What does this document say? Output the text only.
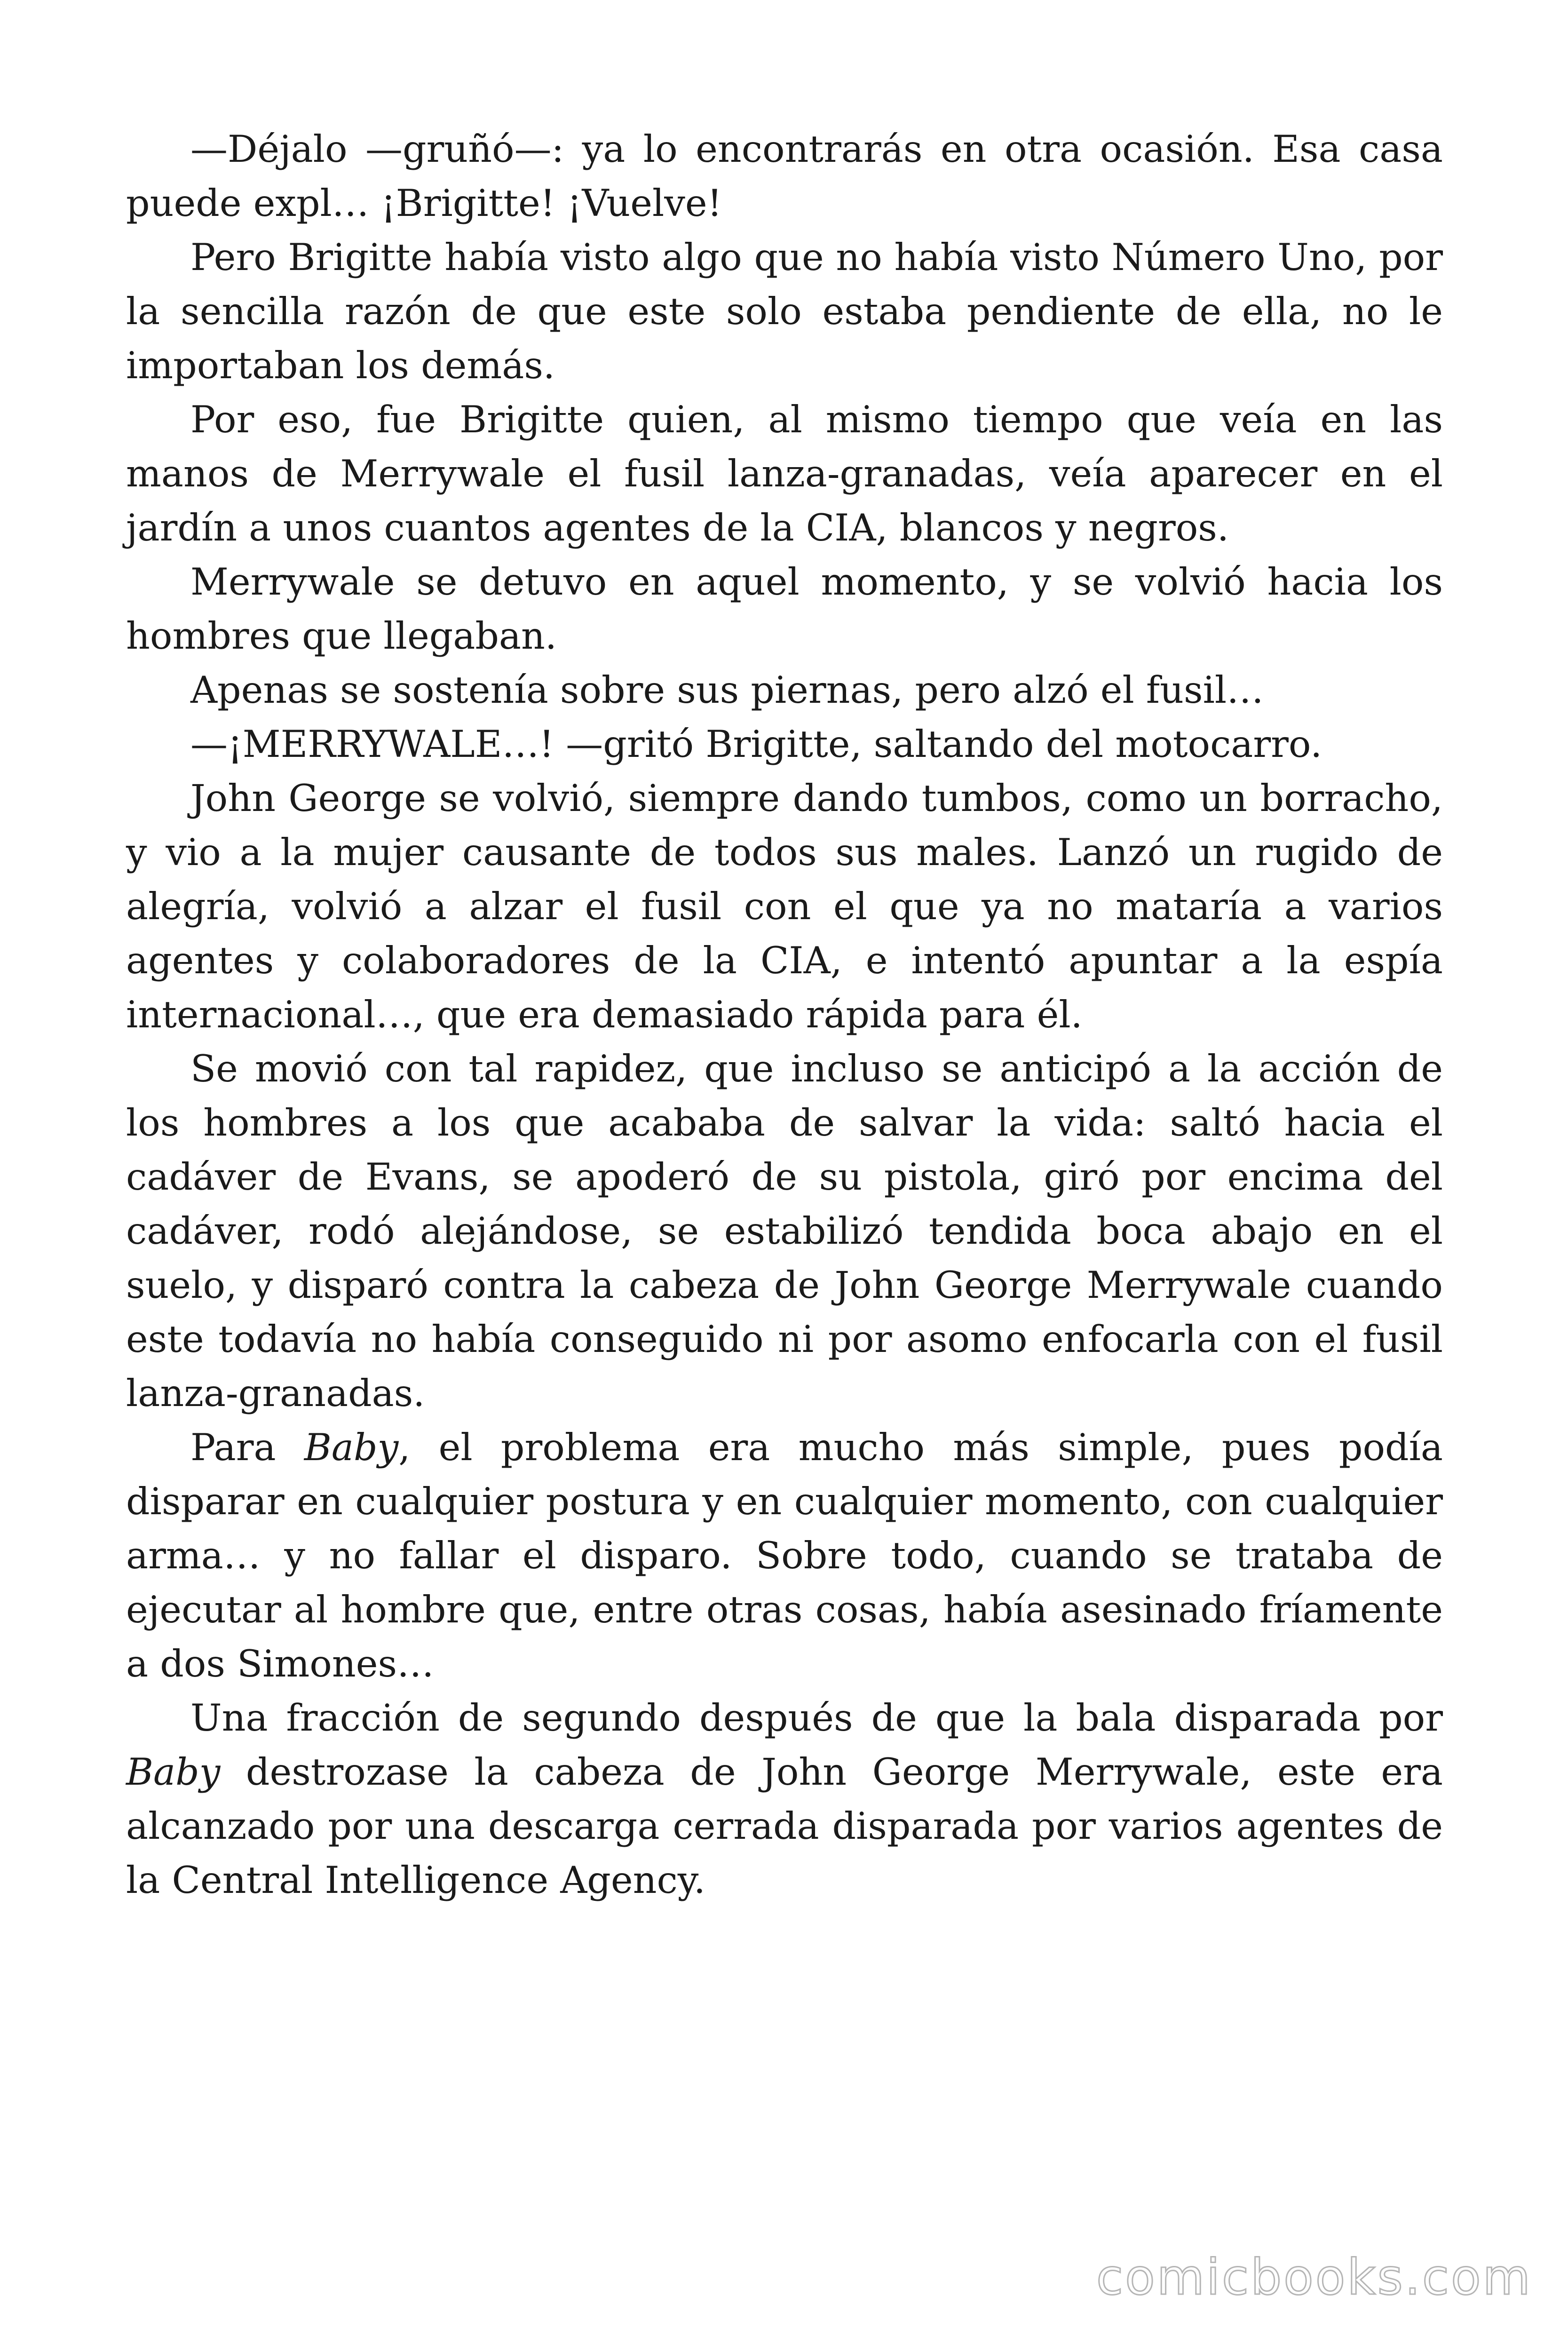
—Déjalo —gruñó—: ya lo encontrarás en otra ocasión. Esa casa puede expl… ¡Brigitte! ¡Vuelve!

Pero Brigitte había visto algo que no había visto Número Uno, por la sencilla razón de que este solo estaba pendiente de ella, no le importaban los demás.

Por eso, fue Brigitte quien, al mismo tiempo que veía en las manos de Merrywale el fusil lanza-granadas, veía aparecer en el jardín a unos cuantos agentes de la CIA, blancos y negros.

Merrywale se detuvo en aquel momento, y se volvió hacia los hombres que llegaban.

Apenas se sostenía sobre sus piernas, pero alzó el fusil…

—¡MERRYWALE…! —gritó Brigitte, saltando del motocarro.

John George se volvió, siempre dando tumbos, como un borracho, y vio a la mujer causante de todos sus males. Lanzó un rugido de alegría, volvió a alzar el fusil con el que ya no mataría a varios agentes y colaboradores de la CIA, e intentó apuntar a la espía internacional…, que era demasiado rápida para él.

Se movió con tal rapidez, que incluso se anticipó a la acción de los hombres a los que acababa de salvar la vida: saltó hacia el cadáver de Evans, se apoderó de su pistola, giró por encima del cadáver, rodó alejándose, se estabilizó tendida boca abajo en el suelo, y disparó contra la cabeza de John George Merrywale cuando este todavía no había conseguido ni por asomo enfocarla con el fusil lanza-granadas.

Para Baby, el problema era mucho más simple, pues podía disparar en cualquier postura y en cualquier momento, con cualquier arma… y no fallar el disparo. Sobre todo, cuando se trataba de ejecutar al hombre que, entre otras cosas, había asesinado fríamente a dos Simones…

Una fracción de segundo después de que la bala disparada por Baby destrozase la cabeza de John George Merrywale, este era alcanzado por una descarga cerrada disparada por varios agentes de la Central Intelligence Agency.

comicbooks.com
